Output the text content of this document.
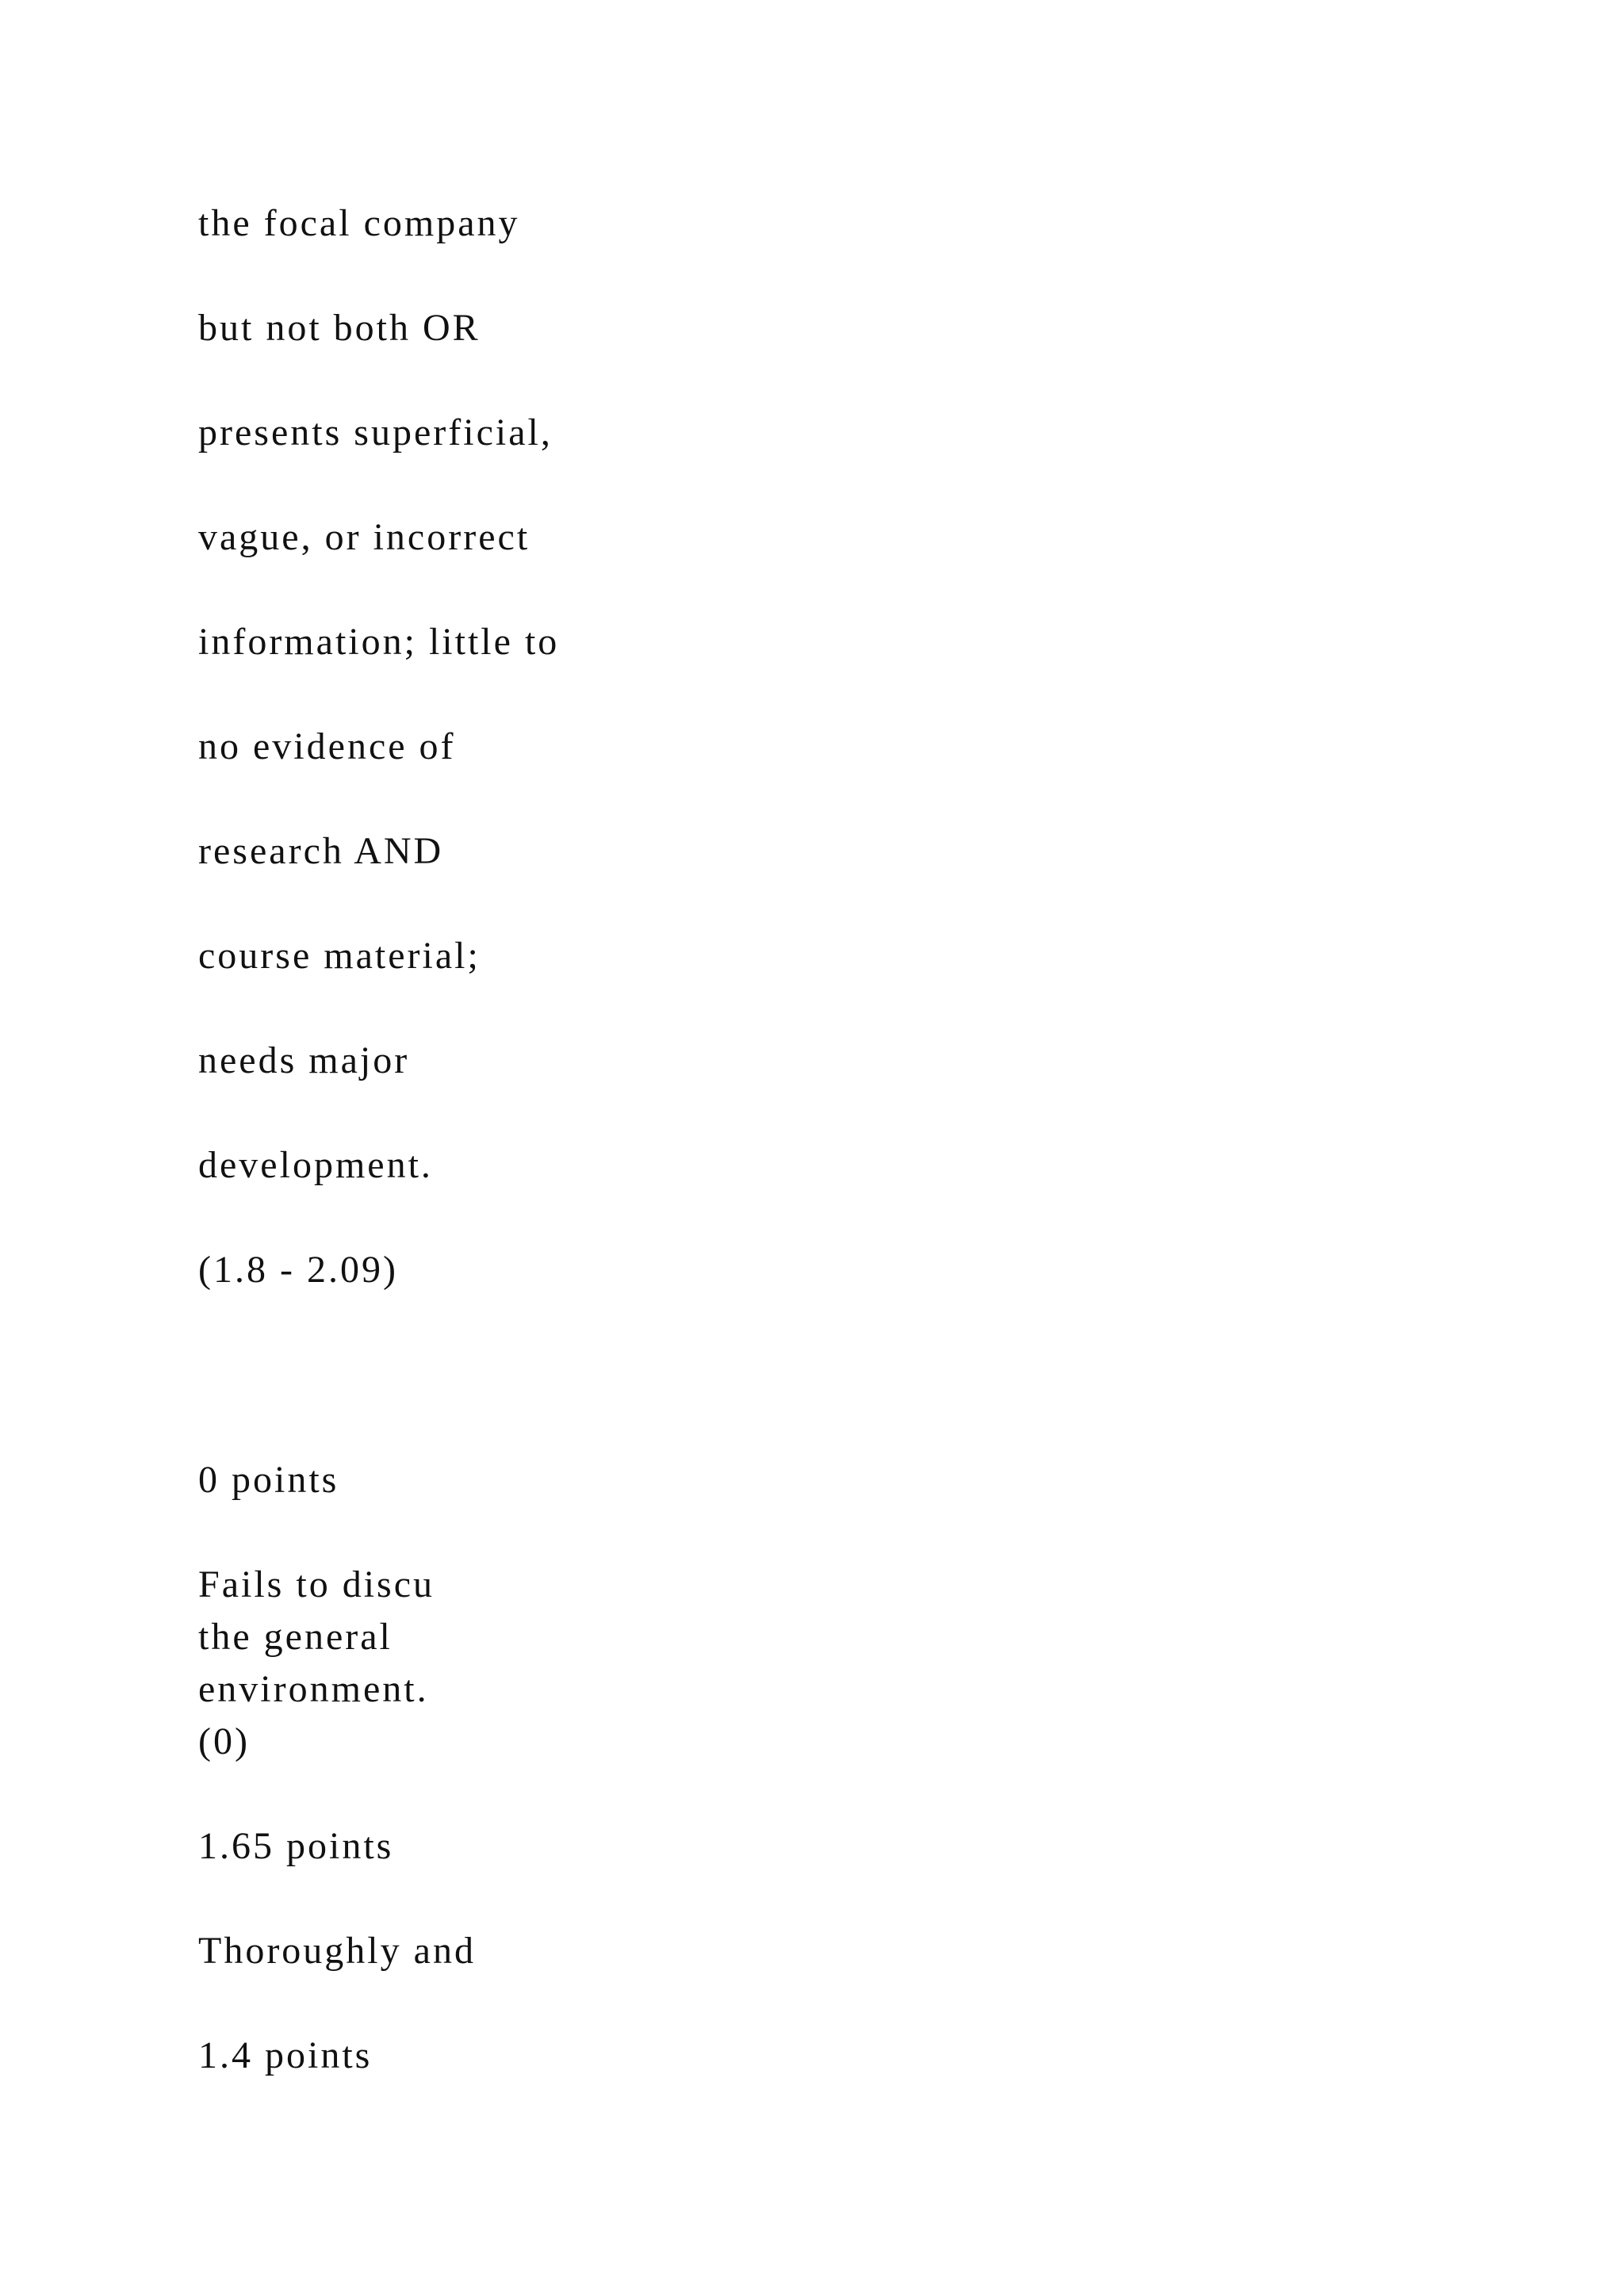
the focal company
but not both OR
presents superficial,
vague, or incorrect
information; little to
no evidence of
research AND
course material;
needs major
development.
(1.8 - 2.09)
0 points
Fails to discu
the general
environment.
(0)
1.65 points
Thoroughly and
1.4 points
